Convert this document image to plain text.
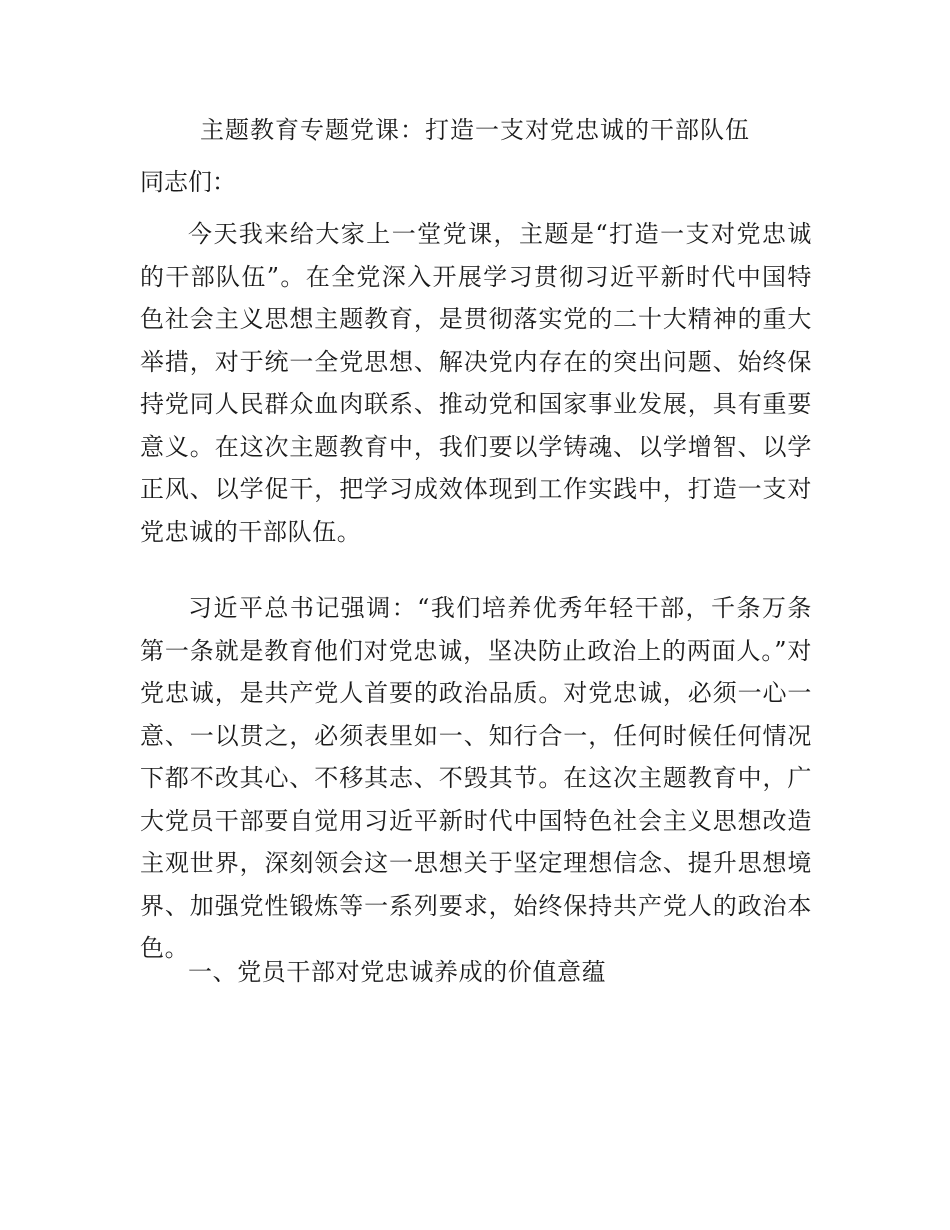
主题教育专题党课：打造一支对党忠诚的干部队伍

同志们：

今天我来给大家上一堂党课，主题是“打造一支对党忠诚的干部队伍”。在全党深入开展学习贯彻习近平新时代中国特色社会主义思想主题教育，是贯彻落实党的二十大精神的重大举措，对于统一全党思想、解决党内存在的突出问题、始终保持党同人民群众血肉联系、推动党和国家事业发展，具有重要意义。在这次主题教育中，我们要以学铸魂、以学增智、以学正风、以学促干，把学习成效体现到工作实践中，打造一支对党忠诚的干部队伍。

习近平总书记强调：“我们培养优秀年轻干部，千条万条第一条就是教育他们对党忠诚，坚决防止政治上的两面人。”对党忠诚，是共产党人首要的政治品质。对党忠诚，必须一心一意、一以贯之，必须表里如一、知行合一，任何时候任何情况下都不改其心、不移其志、不毁其节。在这次主题教育中，广大党员干部要自觉用习近平新时代中国特色社会主义思想改造主观世界，深刻领会这一思想关于坚定理想信念、提升思想境界、加强党性锻炼等一系列要求，始终保持共产党人的政治本色。

一、党员干部对党忠诚养成的价值意蕴
